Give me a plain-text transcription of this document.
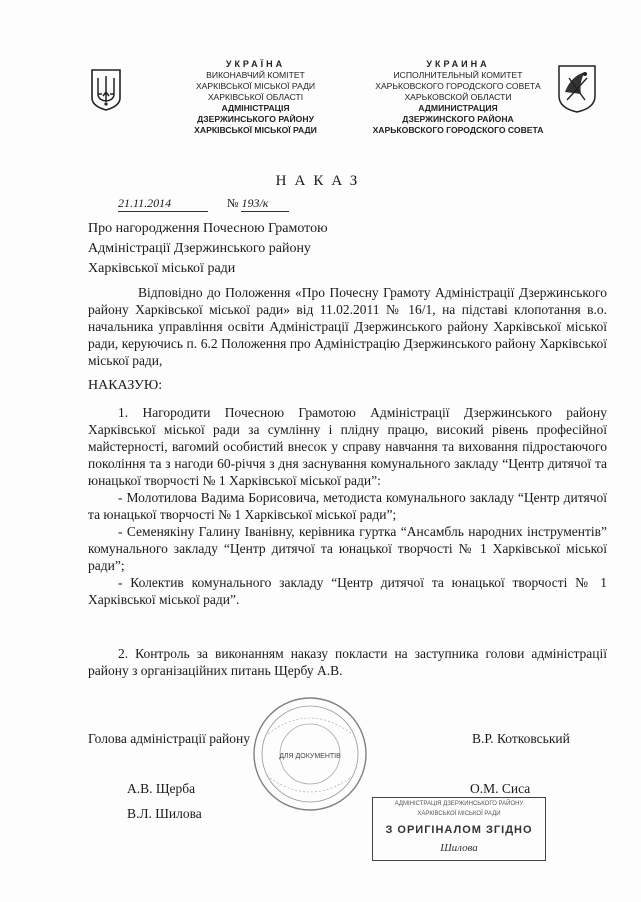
УКРАЇНА
ВИКОНАВЧИЙ КОМІТЕТ
ХАРКІВСЬКОЇ МІСЬКОЇ РАДИ
ХАРКІВСЬКОЇ ОБЛАСТІ
АДМІНІСТРАЦІЯ
ДЗЕРЖИНСЬКОГО РАЙОНУ
ХАРКІВСЬКОЇ МІСЬКОЇ РАДИ
УКРАИНА
ИСПОЛНИТЕЛЬНЫЙ КОМИТЕТ
ХАРЬКОВСКОГО ГОРОДСКОГО СОВЕТА
ХАРЬКОВСКОЙ ОБЛАСТИ
АДМИНИСТРАЦИЯ
ДЗЕРЖИНСКОГО РАЙОНА
ХАРЬКОВСКОГО ГОРОДСКОГО СОВЕТА
НАКАЗ
21.11.2014	№ 193/к
Про нагородження Почесною Грамотою
Адміністрації Дзержинського району
Харківської міської ради
Відповідно до Положення «Про Почесну Грамоту Адміністрації Дзержинського району Харківської міської ради» від 11.02.2011 № 16/1, на підставі клопотання в.о. начальника управління освіти Адміністрації Дзержинського району Харківської міської ради, керуючись п. 6.2 Положення про Адміністрацію Дзержинського району Харківської міської ради,
НАКАЗУЮ:
1. Нагородити Почесною Грамотою Адміністрації Дзержинського району Харківської міської ради за сумлінну і плідну працю, високий рівень професійної майстерності, вагомий особистий внесок у справу навчання та виховання підростаючого покоління та з нагоди 60-річчя з дня заснування комунального закладу “Центр дитячої та юнацької творчості № 1 Харківської міської ради”:
- Молотилова Вадима Борисовича, методиста комунального закладу “Центр дитячої та юнацької творчості № 1 Харківської міської ради”;
- Семенякіну Галину Іванівну, керівника гуртка “Ансамбль народних інструментів” комунального закладу “Центр дитячої та юнацької творчості № 1 Харківської міської ради”;
- Колектив комунального закладу “Центр дитячої та юнацької творчості № 1 Харківської міської ради”.
2. Контроль за виконанням наказу покласти на заступника голови адміністрації району з організаційних питань Щербу А.В.
ДЛЯ ДОКУМЕНТІВ
Голова адміністрації району	В.Р. Котковський
А.В. Щерба	О.М. Сиса
В.Л. Шилова
АДМІНІСТРАЦІЯ ДЗЕРЖИНСЬКОГО РАЙОНУ
ХАРКІВСЬКОЇ МІСЬКОЇ РАДИ
З ОРИГІНАЛОМ ЗГІДНО
Шилова
